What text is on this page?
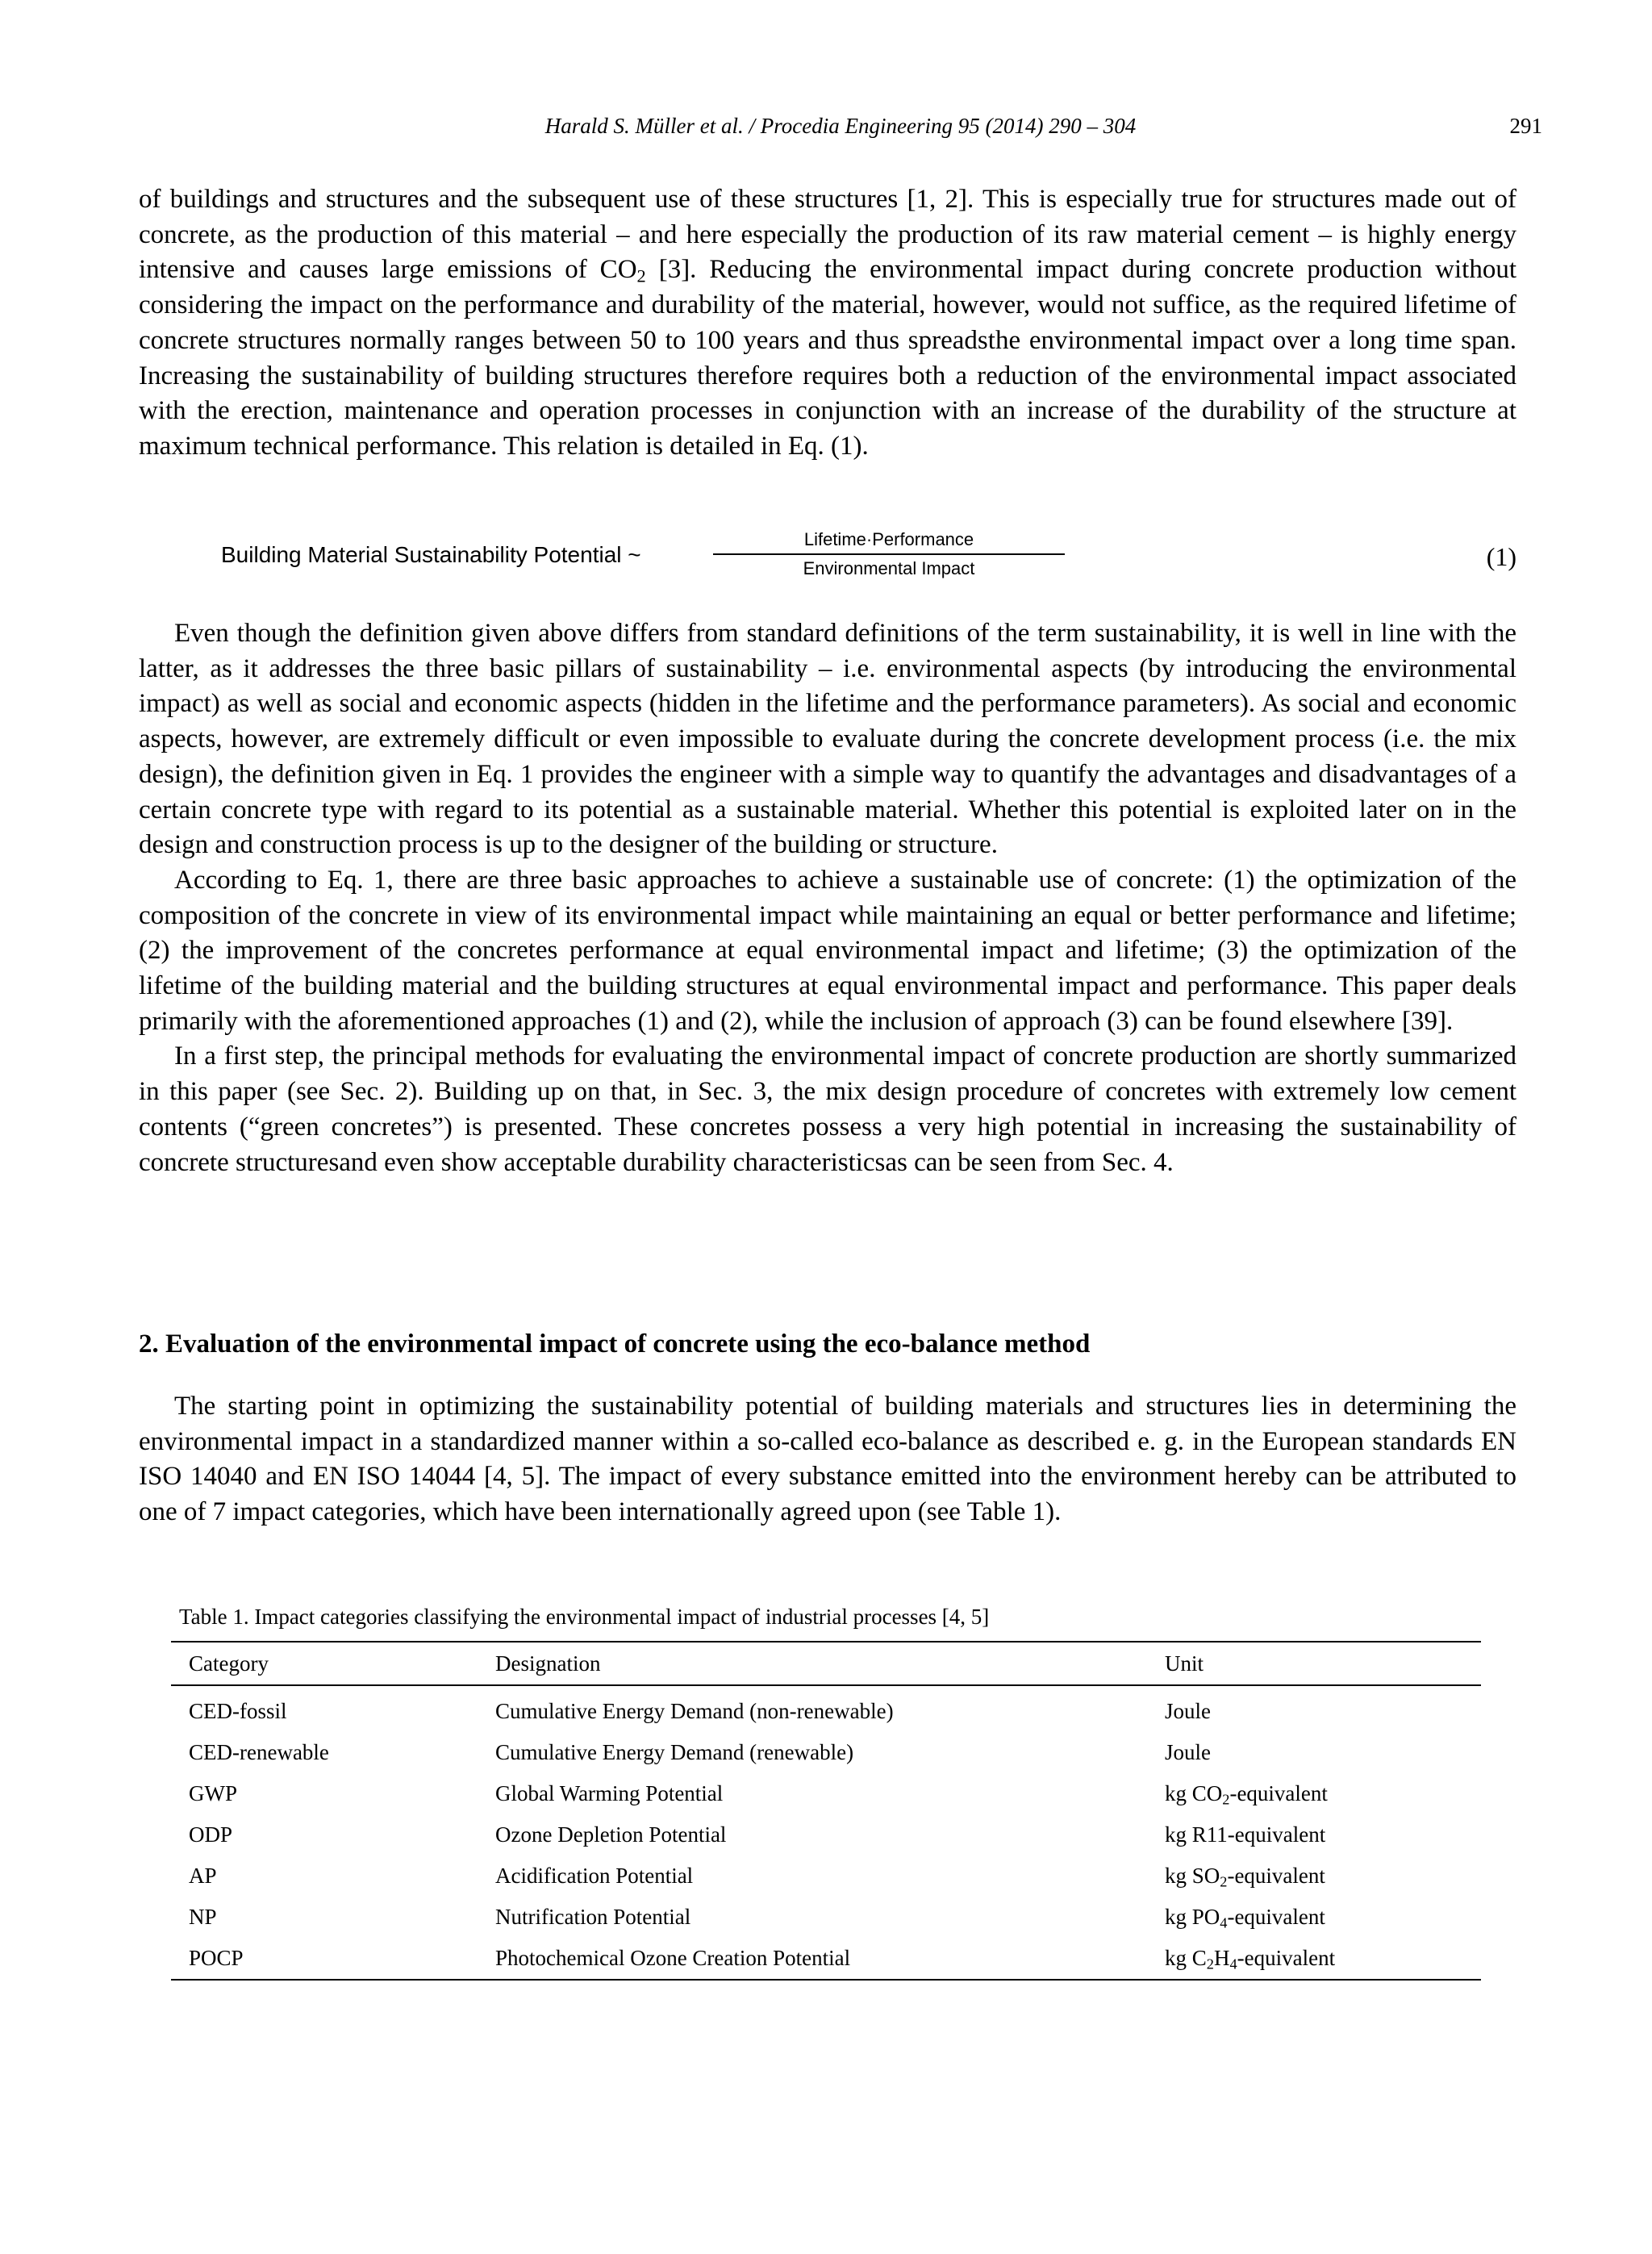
Harald S. Müller et al. / Procedia Engineering 95 (2014) 290 – 304	291

of buildings and structures and the subsequent use of these structures [1, 2]. This is especially true for structures made out of concrete, as the production of this material – and here especially the production of its raw material cement – is highly energy intensive and causes large emissions of $CO_2$ [3]. Reducing the environmental impact during concrete production without considering the impact on the performance and durability of the material, however, would not suffice, as the required lifetime of concrete structures normally ranges between 50 to 100 years and thus spreadsthe environmental impact over a long time span. Increasing the sustainability of building structures therefore requires both a reduction of the environmental impact associated with the erection, maintenance and operation processes in conjunction with an increase of the durability of the structure at maximum technical performance. This relation is detailed in Eq. (1).

Building Material Sustainability Potential ~
Lifetime·Performance
Environmental Impact	(1)

Even though the definition given above differs from standard definitions of the term sustainability, it is well in line with the latter, as it addresses the three basic pillars of sustainability – i.e. environmental aspects (by introducing the environmental impact) as well as social and economic aspects (hidden in the lifetime and the performance parameters). As social and economic aspects, however, are extremely difficult or even impossible to evaluate during the concrete development process (i.e. the mix design), the definition given in Eq. 1 provides the engineer with a simple way to quantify the advantages and disadvantages of a certain concrete type with regard to its potential as a sustainable material. Whether this potential is exploited later on in the design and construction process is up to the designer of the building or structure.

According to Eq. 1, there are three basic approaches to achieve a sustainable use of concrete: (1) the optimization of the composition of the concrete in view of its environmental impact while maintaining an equal or better performance and lifetime; (2) the improvement of the concretes performance at equal environmental impact and lifetime; (3) the optimization of the lifetime of the building material and the building structures at equal environmental impact and performance. This paper deals primarily with the aforementioned approaches (1) and (2), while the inclusion of approach (3) can be found elsewhere [39].

In a first step, the principal methods for evaluating the environmental impact of concrete production are shortly summarized in this paper (see Sec. 2). Building up on that, in Sec. 3, the mix design procedure of concretes with extremely low cement contents (“green concretes”) is presented. These concretes possess a very high potential in increasing the sustainability of concrete structuresand even show acceptable durability characteristicsas can be seen from Sec. 4.

2. Evaluation of the environmental impact of concrete using the eco-balance method

The starting point in optimizing the sustainability potential of building materials and structures lies in determining the environmental impact in a standardized manner within a so-called eco-balance as described e. g. in the European standards EN ISO 14040 and EN ISO 14044 [4, 5]. The impact of every substance emitted into the environment hereby can be attributed to one of 7 impact categories, which have been internationally agreed upon (see Table 1).

Table 1. Impact categories classifying the environmental impact of industrial processes [4, 5]
Category	Designation	Unit
CED-fossil	Cumulative Energy Demand (non-renewable)	Joule
CED-renewable	Cumulative Energy Demand (renewable)	Joule
GWP	Global Warming Potential	kg $CO_2$-equivalent
ODP	Ozone Depletion Potential	kg R11-equivalent
AP	Acidification Potential	kg $SO_2$-equivalent
NP	Nutrification Potential	kg $PO_4$-equivalent
POCP	Photochemical Ozone Creation Potential	kg $C_2H_4$-equivalent
